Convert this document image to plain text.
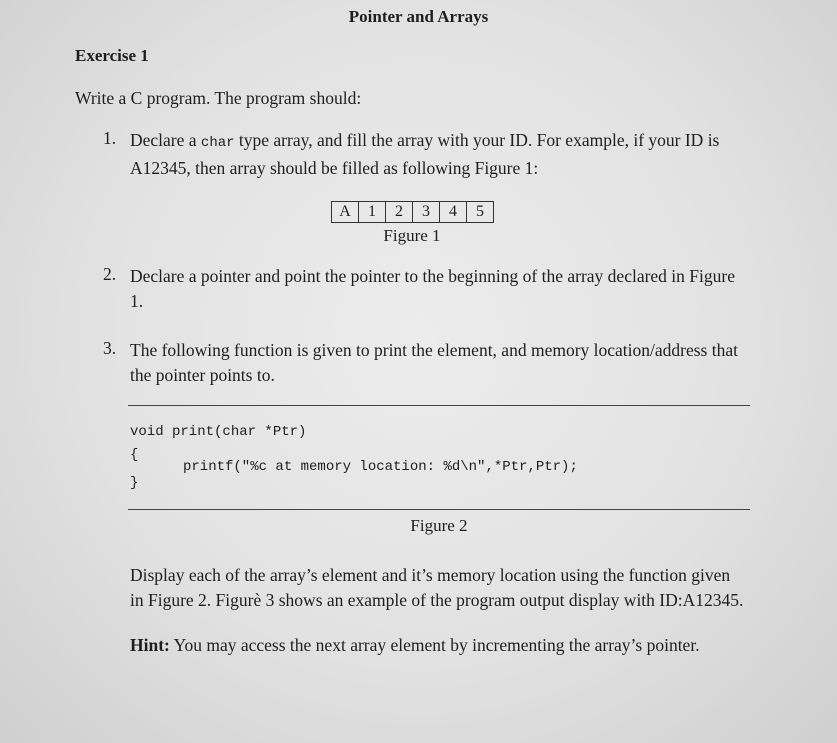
Pointer and Arrays
Exercise 1
Write a C program. The program should:
1. Declare a char type array, and fill the array with your ID. For example, if your ID is
A12345, then array should be filled as following Figure 1:
A	1	2	3	4	5
Figure 1
2. Declare a pointer and point the pointer to the beginning of the array declared in Figure
1.
3. The following function is given to print the element, and memory location/address that
the pointer points to.
void print(char *Ptr)
{
printf("%c at memory location: %d\n",*Ptr,Ptr);
}
Figure 2
Display each of the array’s element and it’s memory location using the function given
in Figure 2. Figurè 3 shows an example of the program output display with ID:A12345.
Hint: You may access the next array element by incrementing the array’s pointer.
